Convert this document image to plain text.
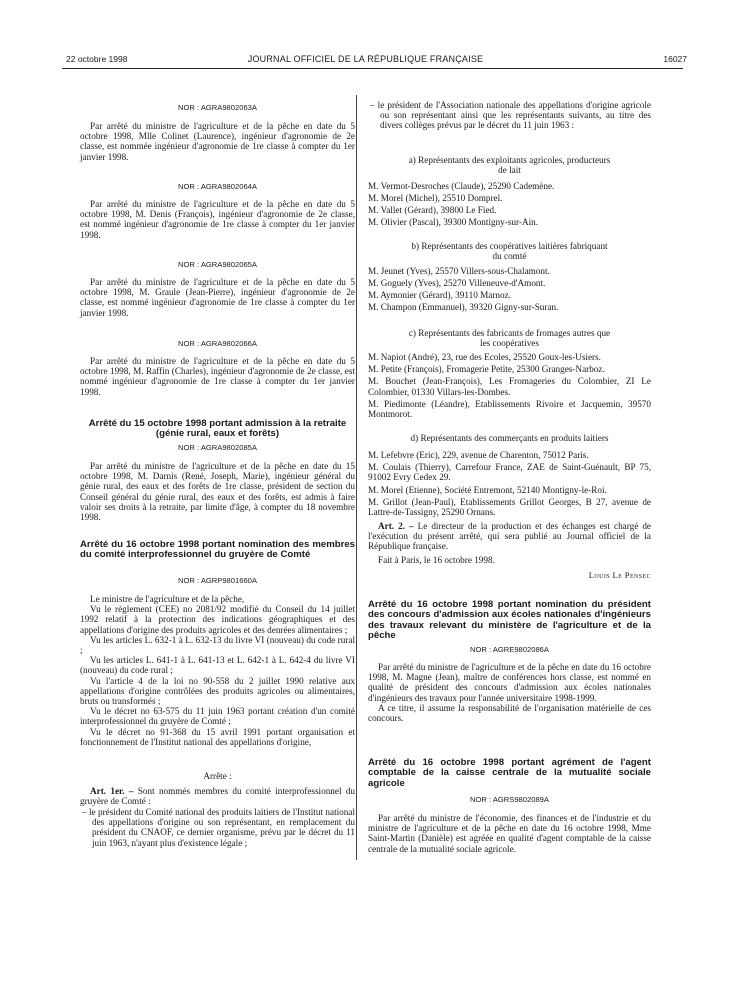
22 octobre 1998	JOURNAL OFFICIEL DE LA RÉPUBLIQUE FRANÇAISE	16027
NOR : AGRA9802063A

Par arrêté du ministre de l'agriculture et de la pêche en date du 5 octobre 1998, Mlle Colinet (Laurence), ingénieur d'agronomie de 2e classe, est nommée ingénieur d'agronomie de 1re classe à compter du 1er janvier 1998.

NOR : AGRA9802064A

Par arrêté du ministre de l'agriculture et de la pêche en date du 5 octobre 1998, M. Denis (François), ingénieur d'agronomie de 2e classe, est nommé ingénieur d'agronomie de 1re classe à compter du 1er janvier 1998.

NOR : AGRA9802065A

Par arrêté du ministre de l'agriculture et de la pêche en date du 5 octobre 1998, M. Graule (Jean-Pierre), ingénieur d'agronomie de 2e classe, est nommé ingénieur d'agronomie de 1re classe à compter du 1er janvier 1998.

NOR : AGRA9802066A

Par arrêté du ministre de l'agriculture et de la pêche en date du 5 octobre 1998, M. Raffin (Charles), ingénieur d'agronomie de 2e classe, est nommé ingénieur d'agronomie de 1re classe à compter du 1er janvier 1998.

Arrêté du 15 octobre 1998 portant admission à la retraite (génie rural, eaux et forêts)
NOR : AGRA9802085A

Par arrêté du ministre de l'agriculture et de la pêche en date du 15 octobre 1998, M. Darnis (René, Joseph, Marie), ingénieur général du génie rural, des eaux et des forêts de 1re classe, président de section du Conseil général du génie rural, des eaux et des forêts, est admis à faire valoir ses droits à la retraite, par limite d'âge, à compter du 18 novembre 1998.

Arrêté du 16 octobre 1998 portant nomination des membres du comité interprofessionnel du gruyère de Comté
NOR : AGRP9801660A

Le ministre de l'agriculture et de la pêche,

Vu le règlement (CEE) no 2081/92 modifié du Conseil du 14 juillet 1992 relatif à la protection des indications géographiques et des appellations d'origine des produits agricoles et des denrées alimentaires ;

Vu les articles L. 632-1 à L. 632-13 du livre VI (nouveau) du code rural ;

Vu les articles L. 641-1 à L. 641-13 et L. 642-1 à L. 642-4 du livre VI (nouveau) du code rural ;

Vu l'article 4 de la loi no 90-558 du 2 juillet 1990 relative aux appellations d'origine contrôlées des produits agricoles ou alimentaires, bruts ou transformés ;

Vu le décret no 63-575 du 11 juin 1963 portant création d'un comité interprofessionnel du gruyère de Comté ;

Vu le décret no 91-368 du 15 avril 1991 portant organisation et fonctionnement de l'Institut national des appellations d'origine,

Arrête :

Art. 1er. – Sont nommés membres du comité interprofessionnel du gruyère de Comté :

– le président du Comité national des produits laitiers de l'Institut national des appellations d'origine ou son représentant, en remplacement du président du CNAOF, ce dernier organisme, prévu par le décret du 11 juin 1963, n'ayant plus d'existence légale ;
– le président de l'Association nationale des appellations d'origine agricole ou son représentant ainsi que les représentants suivants, au titre des divers collèges prévus par le décret du 11 juin 1963 :
a) Représentants des exploitants agricoles, producteurs de lait
M. Vermot-Desroches (Claude), 25290 Cademène.
M. Morel (Michel), 25510 Domprel.
M. Vallet (Gérard), 39800 Le Fied.
M. Olivier (Pascal), 39300 Montigny-sur-Ain.
b) Représentants des coopératives laitières fabriquant du comté
M. Jeunet (Yves), 25570 Villers-sous-Chalamont.
M. Goguely (Yves), 25270 Villeneuve-d'Amont.
M. Aymonier (Gérard), 39110 Marnoz.
M. Champon (Emmanuel), 39320 Gigny-sur-Suran.
c) Représentants des fabricants de fromages autres que les coopératives

M. Napiot (André), 23, rue des Ecoles, 25520 Goux-les-Usiers.

M. Petite (François), Fromagerie Petite, 25300 Granges-Narboz.

M. Bouchet (Jean-François), Les Fromageries du Colombier, ZI Le Colombier, 01330 Villars-les-Dombes.

M. Piedimonte (Léandre), Etablissements Rivoire et Jacquemin, 39570 Montmorot.

d) Représentants des commerçants en produits laitiers

M. Lefebvre (Eric), 229, avenue de Charenton, 75012 Paris.

M. Coulais (Thierry), Carrefour France, ZAE de Saint-Guénault, BP 75, 91002 Evry Cedex 29.

M. Morel (Etienne), Société Entremont, 52140 Montigny-le-Roi.

M. Grillot (Jean-Paul), Etablissements Grillot Georges, B 27, avenue de Lattre-de-Tassigny, 25290 Ornans.

Art. 2. – Le directeur de la production et des échanges est chargé de l'exécution du présent arrêté, qui sera publié au Journal officiel de la République française.

Fait à Paris, le 16 octobre 1998.

Louis Le Pensec
Arrêté du 16 octobre 1998 portant nomination du président des concours d'admission aux écoles nationales d'ingénieurs des travaux relevant du ministère de l'agriculture et de la pêche
NOR : AGRE9802086A

Par arrêté du ministre de l'agriculture et de la pêche en date du 16 octobre 1998, M. Magne (Jean), maître de conférences hors classe, est nommé en qualité de président des concours d'admission aux écoles nationales d'ingénieurs des travaux pour l'année universitaire 1998-1999.

A ce titre, il assume la responsabilité de l'organisation matérielle de ces concours.

Arrêté du 16 octobre 1998 portant agrément de l'agent comptable de la caisse centrale de la mutualité sociale agricole
NOR : AGRS9802089A

Par arrêté du ministre de l'économie, des finances et de l'industrie et du ministre de l'agriculture et de la pêche en date du 16 octobre 1998, Mme Saint-Martin (Danièle) est agréée en qualité d'agent comptable de la caisse centrale de la mutualité sociale agricole.
